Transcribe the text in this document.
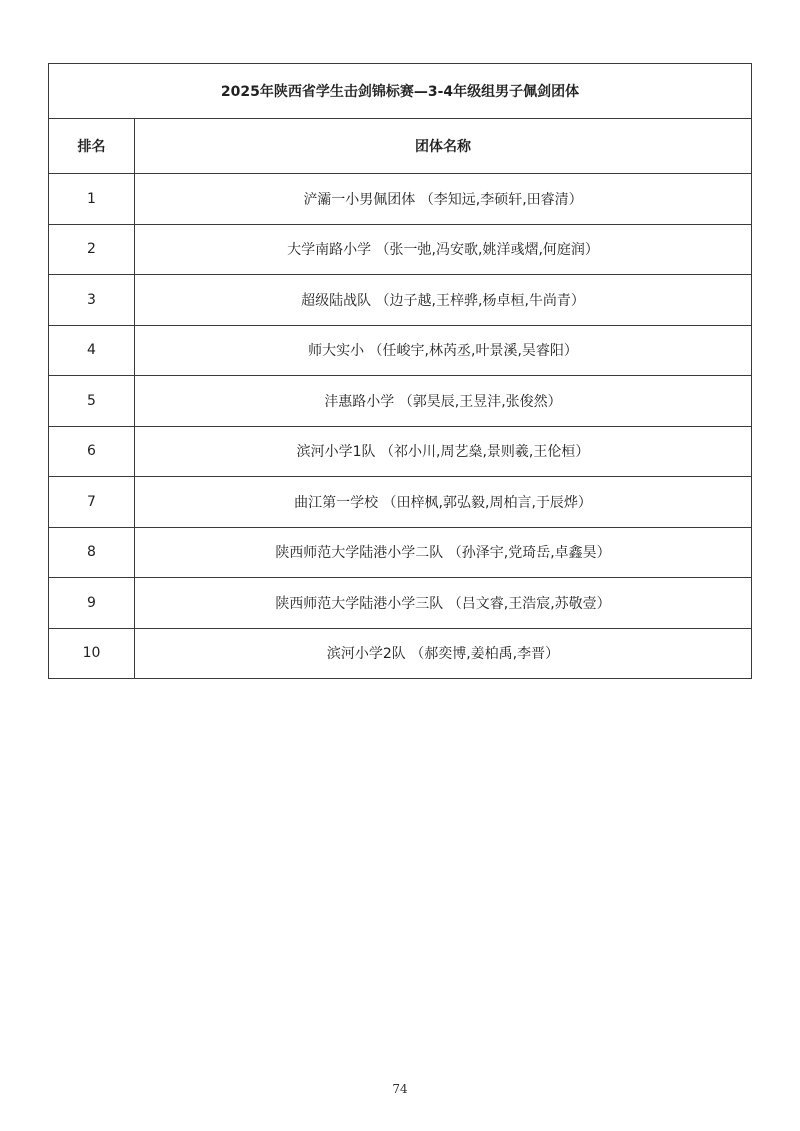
2025年陕西省学生击剑锦标赛—3-4年级组男子佩剑团体	
排名	团体名称
1	浐灞一小男佩团体 （李知远,李硕轩,田睿清）
2	大学南路小学 （张一弛,冯安歌,姚洋彧熠,何庭润）
3	超级陆战队 （边子越,王梓骅,杨卓桓,牛尚青）
4	师大实小 （任峻宇,林芮丞,叶景溪,吴睿阳）
5	沣惠路小学 （郭昊辰,王昱沣,张俊然）
6	滨河小学1队 （祁小川,周艺燊,景则羲,王伦桓）
7	曲江第一学校 （田梓枫,郭弘毅,周柏言,于辰烨）
8	陕西师范大学陆港小学二队 （孙泽宇,党琦岳,卓鑫昊）
9	陕西师范大学陆港小学三队 （吕文睿,王浩宸,苏敬壹）
10	滨河小学2队 （郝奕博,姜柏禹,李晋）
74
